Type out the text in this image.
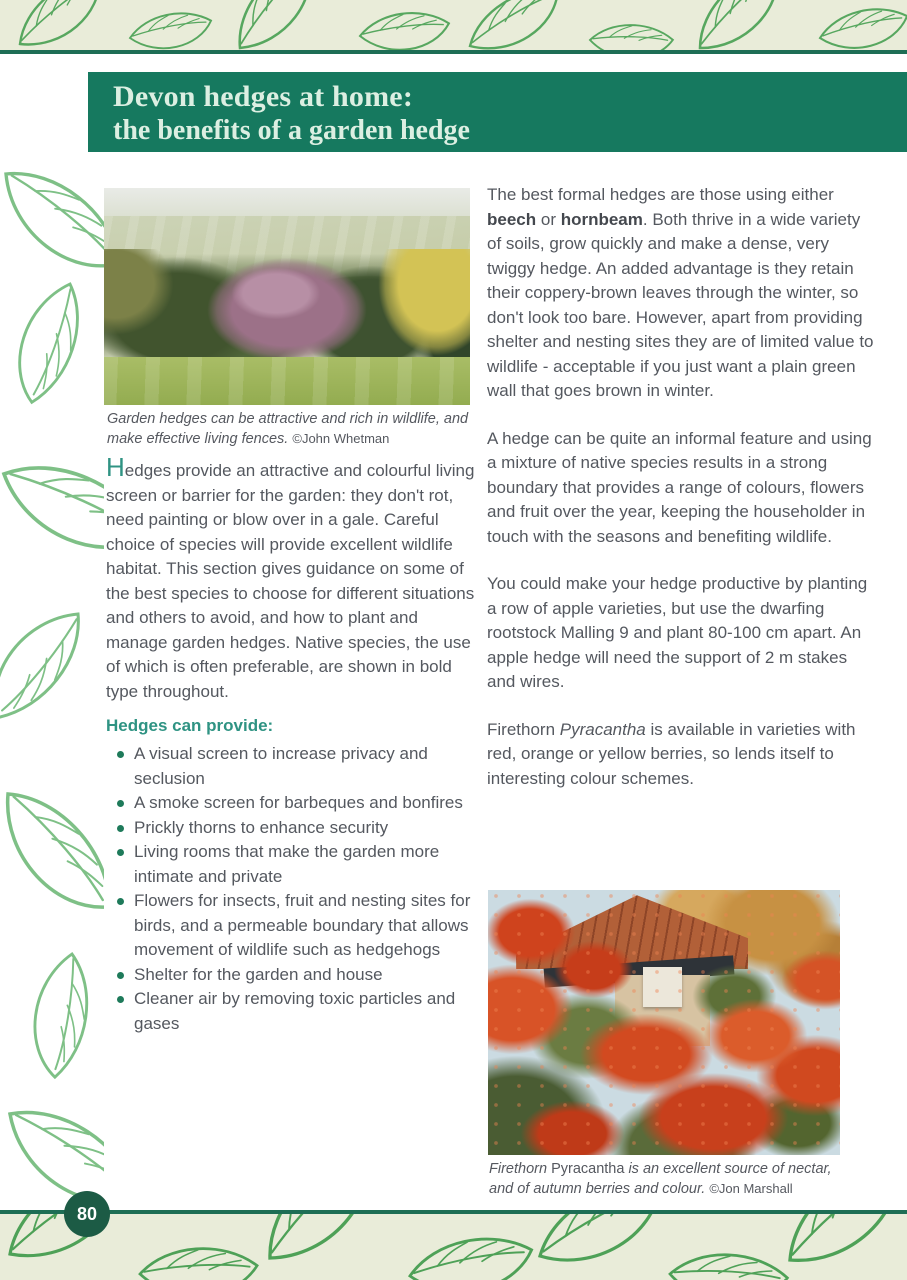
Devon hedges at home:
the benefits of a garden hedge
Garden hedges can be attractive and rich in wildlife, and make effective living fences. ©John Whetman
Hedges provide an attractive and colourful living screen or barrier for the garden: they don't rot, need painting or blow over in a gale. Careful choice of species will provide excellent wildlife habitat. This section gives guidance on some of the best species to choose for different situations and others to avoid, and how to plant and manage garden hedges. Native species, the use of which is often preferable, are shown in bold type throughout.
Hedges can provide:
A visual screen to increase privacy and seclusion
A smoke screen for barbeques and bonfires
Prickly thorns to enhance security
Living rooms that make the garden more intimate and private
Flowers for insects, fruit and nesting sites for birds, and a permeable boundary that allows movement of wildlife such as hedgehogs
Shelter for the garden and house
Cleaner air by removing toxic particles and gases

The best formal hedges are those using either beech or hornbeam. Both thrive in a wide variety of soils, grow quickly and make a dense, very twiggy hedge. An added advantage is they retain their coppery-brown leaves through the winter, so don't look too bare. However, apart from providing shelter and nesting sites they are of limited value to wildlife - acceptable if you just want a plain green wall that goes brown in winter.

A hedge can be quite an informal feature and using a mixture of native species results in a strong boundary that provides a range of colours, flowers and fruit over the year, keeping the householder in touch with the seasons and benefiting wildlife.

You could make your hedge productive by planting a row of apple varieties, but use the dwarfing rootstock Malling 9 and plant 80-100 cm apart. An apple hedge will need the support of 2 m stakes and wires.

Firethorn Pyracantha is available in varieties with red, orange or yellow berries, so lends itself to interesting colour schemes.

Firethorn Pyracantha is an excellent source of nectar, and of autumn berries and colour. ©Jon Marshall
80
